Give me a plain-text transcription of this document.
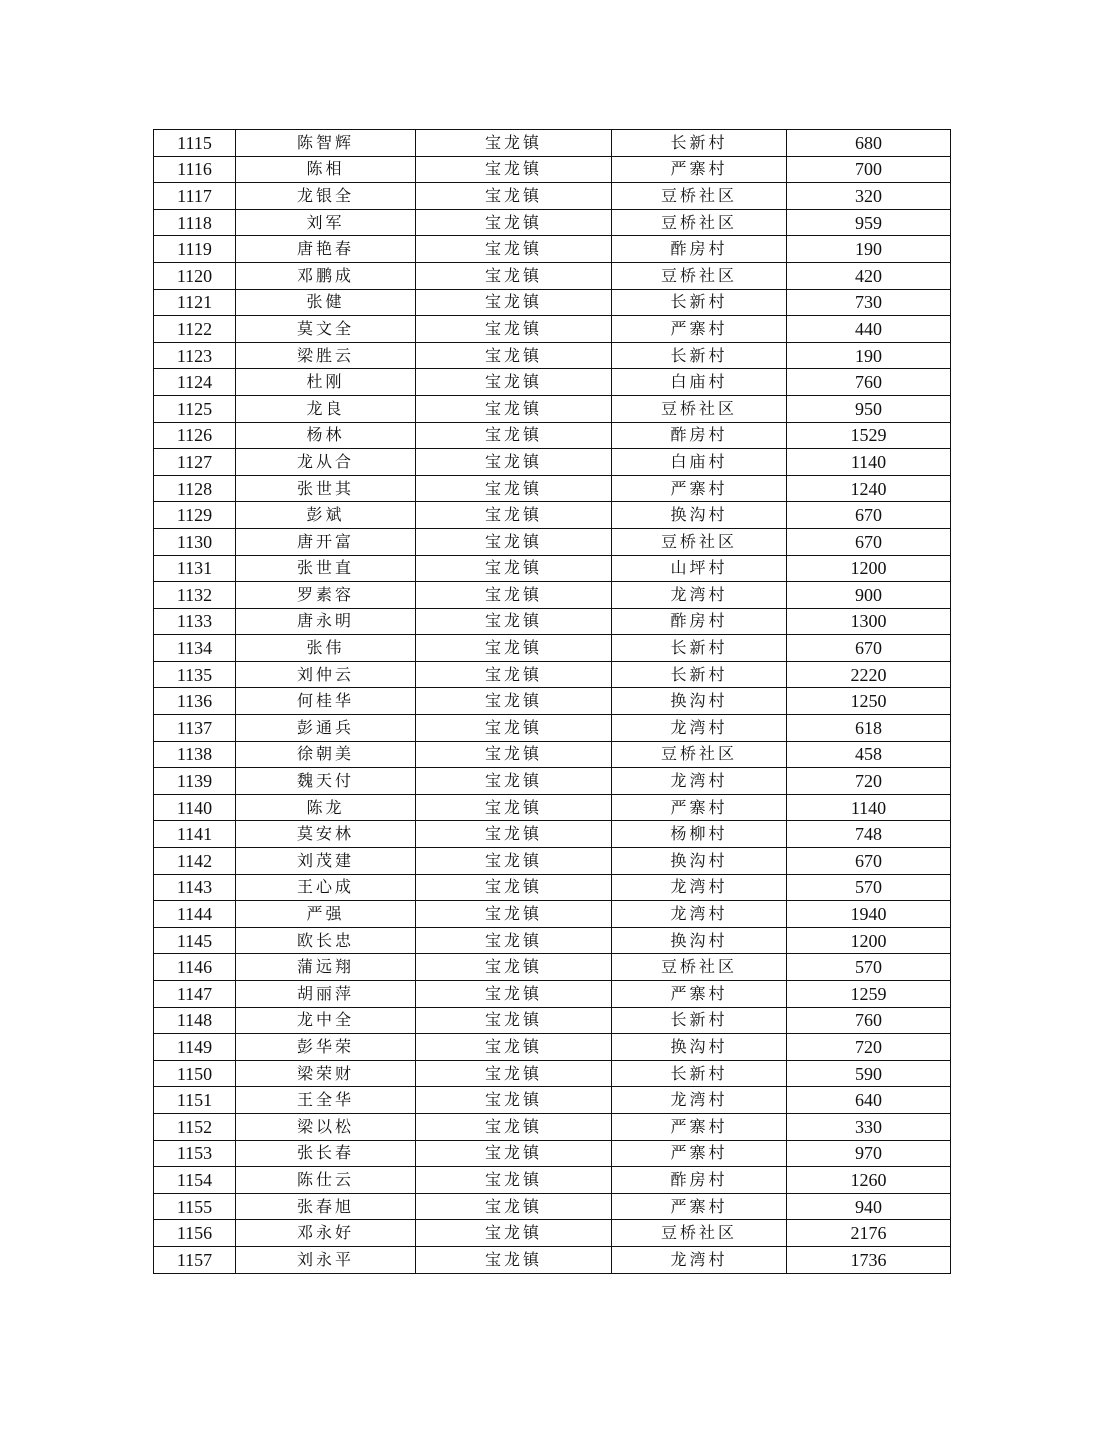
1115	陈智辉	宝龙镇	长新村	680
1116	陈相	宝龙镇	严寨村	700
1117	龙银全	宝龙镇	豆桥社区	320
1118	刘军	宝龙镇	豆桥社区	959
1119	唐艳春	宝龙镇	酢房村	190
1120	邓鹏成	宝龙镇	豆桥社区	420
1121	张健	宝龙镇	长新村	730
1122	莫文全	宝龙镇	严寨村	440
1123	梁胜云	宝龙镇	长新村	190
1124	杜刚	宝龙镇	白庙村	760
1125	龙良	宝龙镇	豆桥社区	950
1126	杨林	宝龙镇	酢房村	1529
1127	龙从合	宝龙镇	白庙村	1140
1128	张世其	宝龙镇	严寨村	1240
1129	彭斌	宝龙镇	换沟村	670
1130	唐开富	宝龙镇	豆桥社区	670
1131	张世直	宝龙镇	山坪村	1200
1132	罗素容	宝龙镇	龙湾村	900
1133	唐永明	宝龙镇	酢房村	1300
1134	张伟	宝龙镇	长新村	670
1135	刘仲云	宝龙镇	长新村	2220
1136	何桂华	宝龙镇	换沟村	1250
1137	彭通兵	宝龙镇	龙湾村	618
1138	徐朝美	宝龙镇	豆桥社区	458
1139	魏天付	宝龙镇	龙湾村	720
1140	陈龙	宝龙镇	严寨村	1140
1141	莫安林	宝龙镇	杨柳村	748
1142	刘茂建	宝龙镇	换沟村	670
1143	王心成	宝龙镇	龙湾村	570
1144	严强	宝龙镇	龙湾村	1940
1145	欧长忠	宝龙镇	换沟村	1200
1146	蒲远翔	宝龙镇	豆桥社区	570
1147	胡丽萍	宝龙镇	严寨村	1259
1148	龙中全	宝龙镇	长新村	760
1149	彭华荣	宝龙镇	换沟村	720
1150	梁荣财	宝龙镇	长新村	590
1151	王全华	宝龙镇	龙湾村	640
1152	梁以松	宝龙镇	严寨村	330
1153	张长春	宝龙镇	严寨村	970
1154	陈仕云	宝龙镇	酢房村	1260
1155	张春旭	宝龙镇	严寨村	940
1156	邓永好	宝龙镇	豆桥社区	2176
1157	刘永平	宝龙镇	龙湾村	1736
